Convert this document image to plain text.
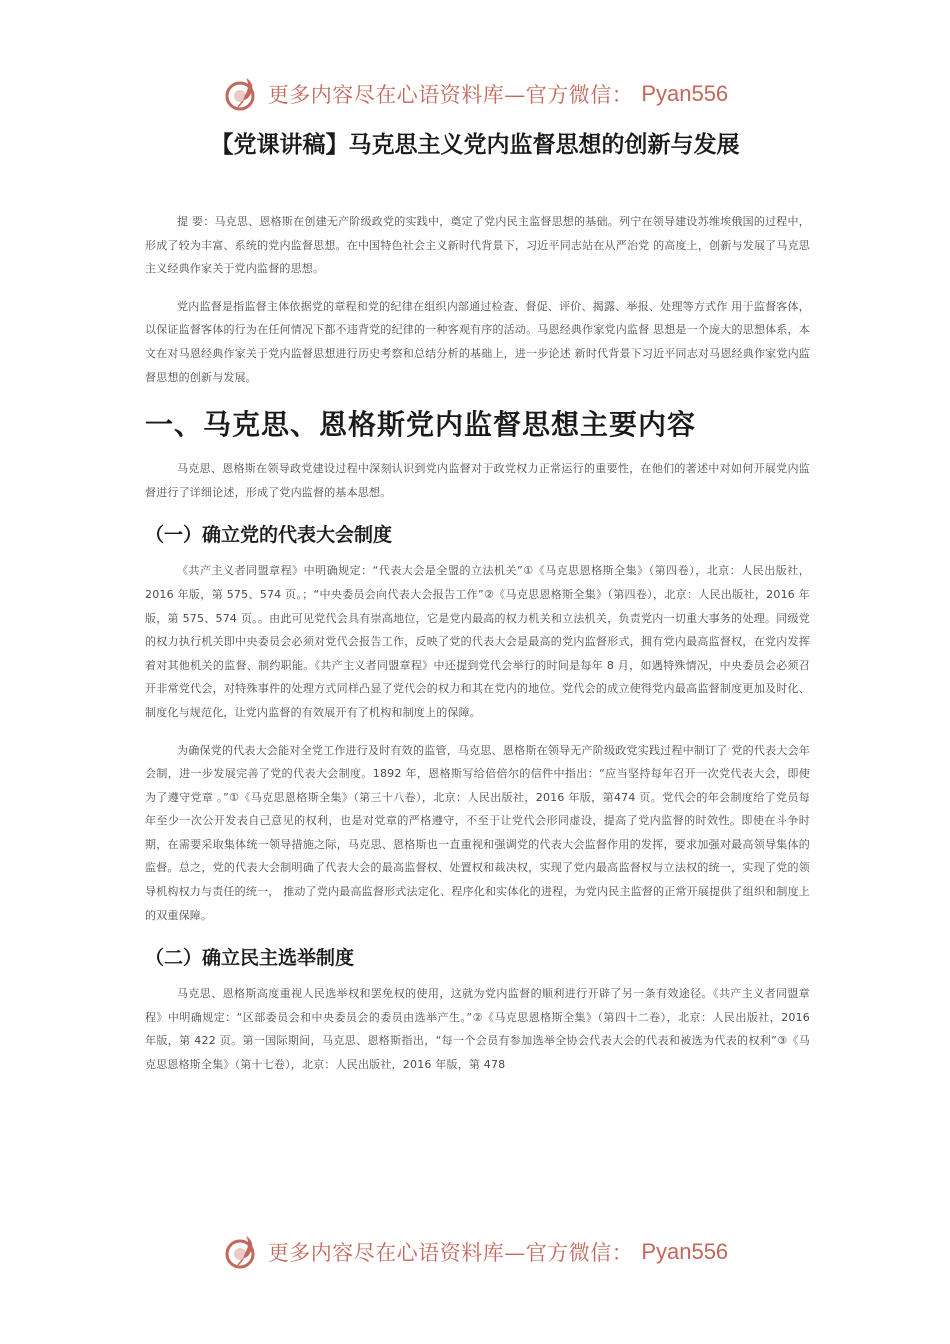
更多内容尽在心语资料库—官方微信： Pyan556
【党课讲稿】马克思主义党内监督思想的创新与发展

提 要：马克思、恩格斯在创建无产阶级政党的实践中，奠定了党内民主监督思想的基础。列宁在领导建设苏维埃俄国的过程中，形成了较为丰富、系统的党内监督思想。在中国特色社会主义新时代背景下，习近平同志站在从严治党 的高度上，创新与发展了马克思主义经典作家关于党内监督的思想。

党内监督是指监督主体依据党的章程和党的纪律在组织内部通过检查、督促、评价、揭露、举报、处理等方式作 用于监督客体，以保证监督客体的行为在任何情况下都不违背党的纪律的一种客观有序的活动。马恩经典作家党内监督 思想是一个庞大的思想体系，本文在对马恩经典作家关于党内监督思想进行历史考察和总结分析的基础上，进一步论述 新时代背景下习近平同志对马恩经典作家党内监督思想的创新与发展。

一、马克思、恩格斯党内监督思想主要内容

马克思、恩格斯在领导政党建设过程中深刻认识到党内监督对于政党权力正常运行的重要性，在他们的著述中对如何开展党内监督进行了详细论述，形成了党内监督的基本思想。

（一）确立党的代表大会制度

《共产主义者同盟章程》中明确规定：“代表大会是全盟的立法机关”①《马克思恩格斯全集》（第四卷），北京：人民出版社，2016 年版，第 575、574 页。；“中央委员会向代表大会报告工作”②《马克思恩格斯全集》（第四卷），北京：人民出版社，2016 年版，第 575、574 页。。由此可见党代会具有崇高地位，它是党内最高的权力机关和立法机关，负责党内一切重大事务的处理。同级党的权力执行机关即中央委员会必须对党代会报告工作，反映了党的代表大会是最高的党内监督形式，拥有党内最高监督权，在党内发挥着对其他机关的监督、制约职能。《共产主义者同盟章程》中还提到党代会举行的时间是每年 8 月，如遇特殊情况，中央委员会必须召开非常党代会，对特殊事件的处理方式同样凸显了党代会的权力和其在党内的地位。党代会的成立使得党内最高监督制度更加及时化、制度化与规范化，让党内监督的有效展开有了机构和制度上的保障。

为确保党的代表大会能对全党工作进行及时有效的监管，马克思、恩格斯在领导无产阶级政党实践过程中制订了 党的代表大会年会制，进一步发展完善了党的代表大会制度。1892 年，恩格斯写给倍倍尔的信件中指出：“应当坚持每年召开一次党代表大会，即使为了遵守党章 。”①《马克思恩格斯全集》（第三十八卷），北京：人民出版社，2016 年版，第474 页。党代会的年会制度给了党员每年至少一次公开发表自己意见的权利，也是对党章的严格遵守，不至于让党代会形同虚设，提高了党内监督的时效性。即使在斗争时期，在需要采取集体统一领导措施之际，马克思、恩格斯也一直重视和强调党的代表大会监督作用的发挥，要求加强对最高领导集体的监督。总之，党的代表大会制明确了代表大会的最高监督权、处置权和裁决权，实现了党内最高监督权与立法权的统一，实现了党的领导机构权力与责任的统一， 推动了党内最高监督形式法定化、程序化和实体化的进程，为党内民主监督的正常开展提供了组织和制度上的双重保障。

（二）确立民主选举制度

马克思、恩格斯高度重视人民选举权和罢免权的使用，这就为党内监督的顺利进行开辟了另一条有效途径。《共产主义者同盟章程》中明确规定：“区部委员会和中央委员会的委员由选举产生。”②《马克思恩格斯全集》（第四十二卷），北京：人民出版社，2016 年版，第 422 页。第一国际期间，马克思、恩格斯指出，“每一个会员有参加选举全协会代表大会的代表和被选为代表的权利”③《马克思恩格斯全集》（第十七卷），北京：人民出版社，2016 年版，第 478

更多内容尽在心语资料库—官方微信： Pyan556
